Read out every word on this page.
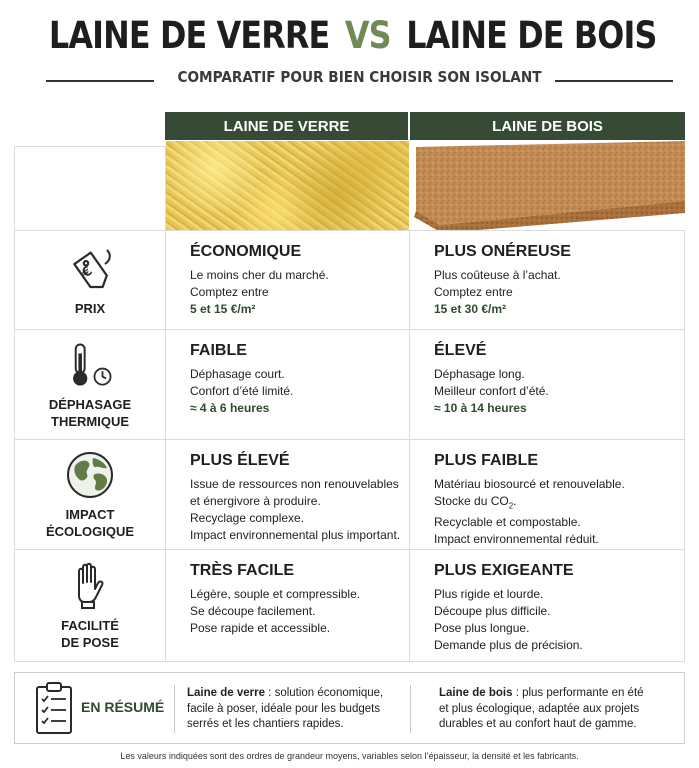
LAINE DE VERRE VS LAINE DE BOIS
COMPARATIF POUR BIEN CHOISIR SON ISOLANT
LAINE DE VERRE	LAINE DE BOIS
€
PRIX
ÉCONOMIQUE
Le moins cher du marché.
Comptez entre
5 et 15 €/m²
PLUS ONÉREUSE
Plus coûteuse à l’achat.
Comptez entre
15 et 30 €/m²
DÉPHASAGE
THERMIQUE
FAIBLE
Déphasage court.
Confort d’été limité.
≈ 4 à 6 heures
ÉLEVÉ
Déphasage long.
Meilleur confort d’été.
≈ 10 à 14 heures
IMPACT
ÉCOLOGIQUE
PLUS ÉLEVÉ
Issue de ressources non renouvelables
et énergivore à produire.
Recyclage complexe.
Impact environnemental plus important.
PLUS FAIBLE
Matériau biosourcé et renouvelable.
Stocke du $CO_2$.
Recyclable et compostable.
Impact environnemental réduit.
FACILITÉ
DE POSE
TRÈS FACILE
Légère, souple et compressible.
Se découpe facilement.
Pose rapide et accessible.
PLUS EXIGEANTE
Plus rigide et lourde.
Découpe plus difficile.
Pose plus longue.
Demande plus de précision.
EN RÉSUMÉ
Laine de verre : solution économique,
facile à poser, idéale pour les budgets
serrés et les chantiers rapides.
Laine de bois : plus performante en été
et plus écologique, adaptée aux projets
durables et au confort haut de gamme.
Les valeurs indiquées sont des ordres de grandeur moyens, variables selon l’épaisseur, la densité et les fabricants.
